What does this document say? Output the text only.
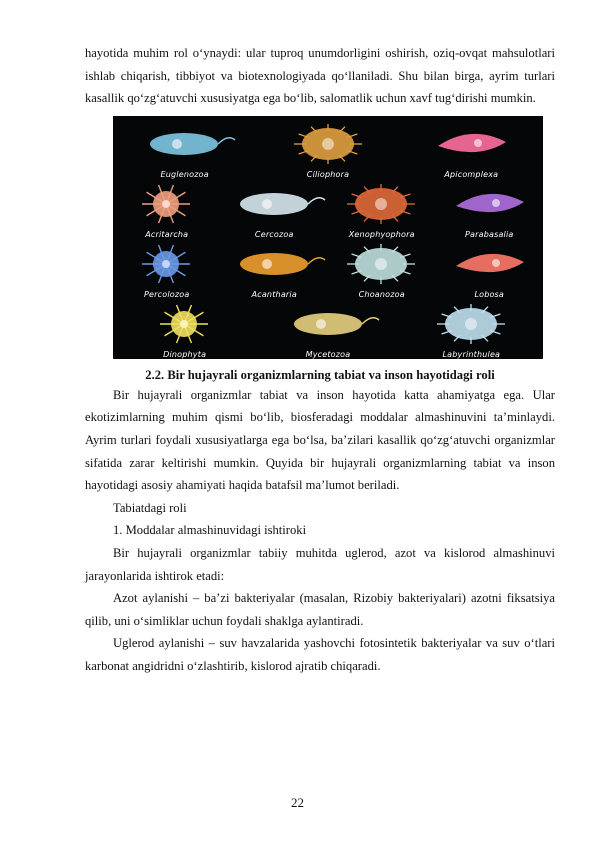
hayotida muhim rol o‘ynaydi: ular tuproq unumdorligini oshirish, oziq-ovqat mahsulotlari ishlab chiqarish, tibbiyot va biotexnologiyada qo‘llaniladi. Shu bilan birga, ayrim turlari kasallik qo‘zg‘atuvchi xususiyatga ega bo‘lib, salomatlik uchun xavf tug‘dirishi mumkin.

Euglenozoa	Ciliophora	Apicomplexa
Acritarcha	Cercozoa	Xenophyophora	Parabasalia
Percolozoa	Acantharia	Choanozoa	Lobosa
Dinophyta	Mycetozoa	Labyrinthulea
2.2. Bir hujayrali organizmlarning tabiat va inson hayotidagi roli

Bir hujayrali organizmlar tabiat va inson hayotida katta ahamiyatga ega. Ular ekotizimlarning muhim qismi bo‘lib, biosferadagi moddalar almashinuvini ta’minlaydi. Ayrim turlari foydali xususiyatlarga ega bo‘lsa, ba’zilari kasallik qo‘zg‘atuvchi organizmlar sifatida zarar keltirishi mumkin. Quyida bir hujayrali organizmlarning tabiat va inson hayotidagi asosiy ahamiyati haqida batafsil ma’lumot beriladi.

Tabiatdagi roli

1. Moddalar almashinuvidagi ishtiroki

Bir hujayrali organizmlar tabiiy muhitda uglerod, azot va kislorod almashinuvi jarayonlarida ishtirok etadi:

Azot aylanishi – ba’zi bakteriyalar (masalan, Rizobiy bakteriyalari) azotni fiksatsiya qilib, uni o‘simliklar uchun foydali shaklga aylantiradi.

Uglerod aylanishi – suv havzalarida yashovchi fotosintetik bakteriyalar va suv o‘tlari karbonat angidridni o‘zlashtirib, kislorod ajratib chiqaradi.

22
